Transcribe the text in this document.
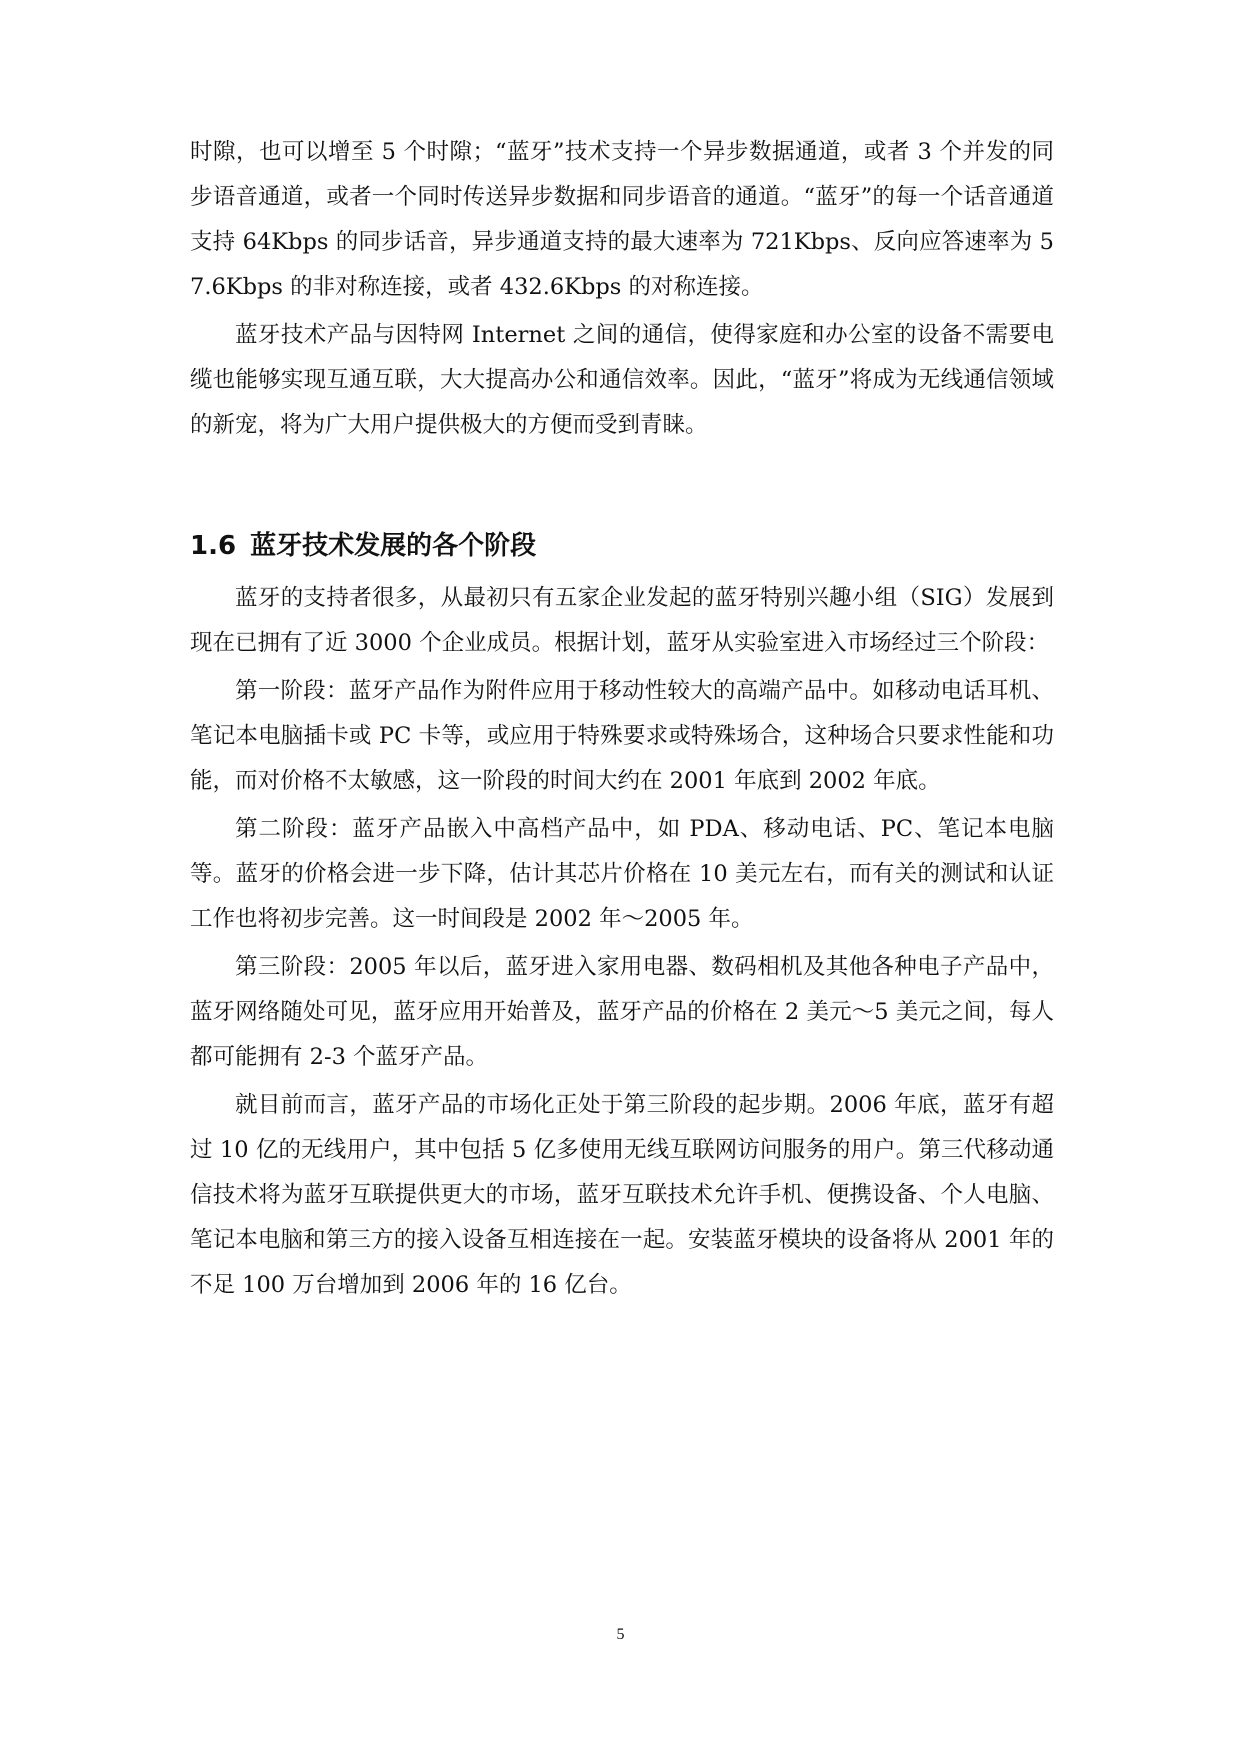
时隙，也可以增至 5 个时隙；“蓝牙”技术支持一个异步数据通道，或者 3 个并发的同步语音通道，或者一个同时传送异步数据和同步语音的通道。“蓝牙”的每一个话音通道支持 64Kbps 的同步话音，异步通道支持的最大速率为 721Kbps、反向应答速率为 57.6Kbps 的非对称连接，或者 432.6Kbps 的对称连接。

蓝牙技术产品与因特网 Internet 之间的通信，使得家庭和办公室的设备不需要电缆也能够实现互通互联，大大提高办公和通信效率。因此，“蓝牙”将成为无线通信领域的新宠，将为广大用户提供极大的方便而受到青睐。

1.6 蓝牙技术发展的各个阶段

蓝牙的支持者很多，从最初只有五家企业发起的蓝牙特别兴趣小组（SIG）发展到现在已拥有了近 3000 个企业成员。根据计划，蓝牙从实验室进入市场经过三个阶段：

第一阶段：蓝牙产品作为附件应用于移动性较大的高端产品中。如移动电话耳机、笔记本电脑插卡或 PC 卡等，或应用于特殊要求或特殊场合，这种场合只要求性能和功能，而对价格不太敏感，这一阶段的时间大约在 2001 年底到 2002 年底。

第二阶段：蓝牙产品嵌入中高档产品中，如 PDA、移动电话、PC、笔记本电脑等。蓝牙的价格会进一步下降，估计其芯片价格在 10 美元左右，而有关的测试和认证工作也将初步完善。这一时间段是 2002 年～2005 年。

第三阶段：2005 年以后，蓝牙进入家用电器、数码相机及其他各种电子产品中，蓝牙网络随处可见，蓝牙应用开始普及，蓝牙产品的价格在 2 美元～5 美元之间，每人都可能拥有 2-3 个蓝牙产品。

就目前而言，蓝牙产品的市场化正处于第三阶段的起步期。2006 年底，蓝牙有超过 10 亿的无线用户，其中包括 5 亿多使用无线互联网访问服务的用户。第三代移动通信技术将为蓝牙互联提供更大的市场，蓝牙互联技术允许手机、便携设备、个人电脑、笔记本电脑和第三方的接入设备互相连接在一起。安装蓝牙模块的设备将从 2001 年的不足 100 万台增加到 2006 年的 16 亿台。

5
